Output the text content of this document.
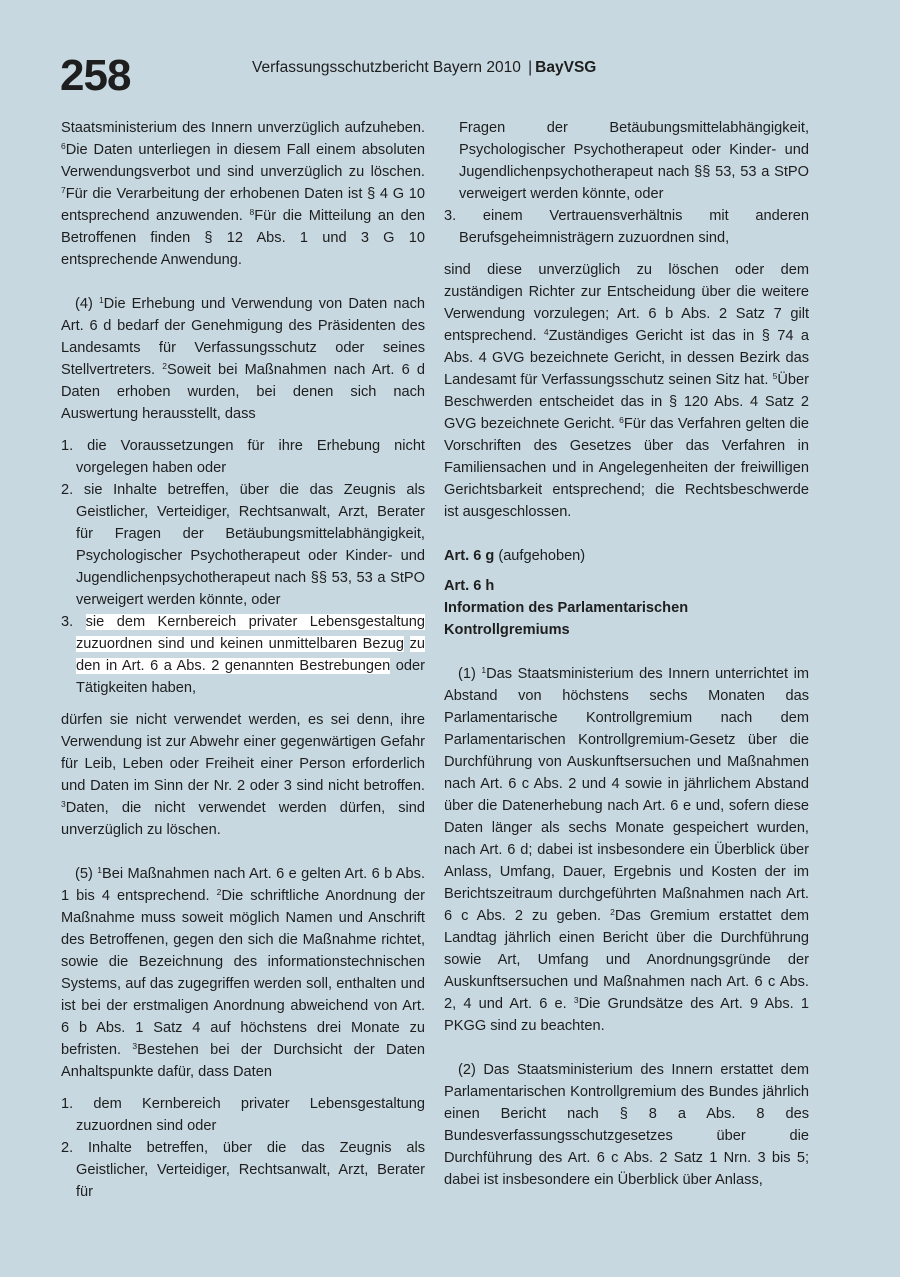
258	Verfassungsschutzbericht Bayern 2010 | BayVSG

Staatsministerium des Innern unverzüglich aufzuheben. $^6$Die Daten unterliegen in diesem Fall einem absoluten Verwendungsverbot und sind unverzüglich zu löschen. $^7$Für die Verarbeitung der erhobenen Daten ist § 4 G 10 entsprechend anzuwenden. $^8$Für die Mitteilung an den Betroffenen finden § 12 Abs. 1 und 3 G 10 entsprechende Anwendung.

(4) $^1$Die Erhebung und Verwendung von Daten nach Art. 6 d bedarf der Genehmigung des Präsidenten des Landesamts für Verfassungsschutz oder seines Stellvertreters. $^2$Soweit bei Maßnahmen nach Art. 6 d Daten erhoben wurden, bei denen sich nach Auswertung herausstellt, dass

1. die Voraussetzungen für ihre Erhebung nicht vorgelegen haben oder
2. sie Inhalte betreffen, über die das Zeugnis als Geistlicher, Verteidiger, Rechtsanwalt, Arzt, Berater für Fragen der Betäubungsmittelabhängigkeit, Psychologischer Psychotherapeut oder Kinder- und Jugendlichenpsychotherapeut nach §§ 53, 53 a StPO verweigert werden könnte, oder
3. sie dem Kernbereich privater Lebensgestaltung zuzuordnen sind und keinen unmittelbaren Bezug zu den in Art. 6 a Abs. 2 genannten Bestrebungen oder Tätigkeiten haben,

dürfen sie nicht verwendet werden, es sei denn, ihre Verwendung ist zur Abwehr einer gegenwärtigen Gefahr für Leib, Leben oder Freiheit einer Person erforderlich und Daten im Sinn der Nr. 2 oder 3 sind nicht betroffen. $^3$Daten, die nicht verwendet werden dürfen, sind unverzüglich zu löschen.

(5) $^1$Bei Maßnahmen nach Art. 6 e gelten Art. 6 b Abs. 1 bis 4 entsprechend. $^2$Die schriftliche Anordnung der Maßnahme muss soweit möglich Namen und Anschrift des Betroffenen, gegen den sich die Maßnahme richtet, sowie die Bezeichnung des informationstechnischen Systems, auf das zugegriffen werden soll, enthalten und ist bei der erstmaligen Anordnung abweichend von Art. 6 b Abs. 1 Satz 4 auf höchstens drei Monate zu befristen. $^3$Bestehen bei der Durchsicht der Daten Anhaltspunkte dafür, dass Daten

1. dem Kernbereich privater Lebensgestaltung zuzuordnen sind oder
2. Inhalte betreffen, über die das Zeugnis als Geistlicher, Verteidiger, Rechtsanwalt, Arzt, Berater für
Fragen der Betäubungsmittelabhängigkeit, Psychologischer Psychotherapeut oder Kinder- und Jugendlichenpsychotherapeut nach §§ 53, 53 a StPO verweigert werden könnte, oder
3. einem Vertrauensverhältnis mit anderen Berufsgeheimnisträgern zuzuordnen sind,

sind diese unverzüglich zu löschen oder dem zuständigen Richter zur Entscheidung über die weitere Verwendung vorzulegen; Art. 6 b Abs. 2 Satz 7 gilt entsprechend. $^4$Zuständiges Gericht ist das in § 74 a Abs. 4 GVG bezeichnete Gericht, in dessen Bezirk das Landesamt für Verfassungsschutz seinen Sitz hat. $^5$Über Beschwerden entscheidet das in § 120 Abs. 4 Satz 2 GVG bezeichnete Gericht. $^6$Für das Verfahren gelten die Vorschriften des Gesetzes über das Verfahren in Familiensachen und in Angelegenheiten der freiwilligen Gerichtsbarkeit entsprechend; die Rechtsbeschwerde ist ausgeschlossen.

Art. 6 g (aufgehoben)
Art. 6 h
Information des Parlamentarischen Kontrollgremiums

(1) $^1$Das Staatsministerium des Innern unterrichtet im Abstand von höchstens sechs Monaten das Parlamentarische Kontrollgremium nach dem Parlamentarischen Kontrollgremium-Gesetz über die Durchführung von Auskunftsersuchen und Maßnahmen nach Art. 6 c Abs. 2 und 4 sowie in jährlichem Abstand über die Datenerhebung nach Art. 6 e und, sofern diese Daten länger als sechs Monate gespeichert wurden, nach Art. 6 d; dabei ist insbesondere ein Überblick über Anlass, Umfang, Dauer, Ergebnis und Kosten der im Berichtszeitraum durchgeführten Maßnahmen nach Art. 6 c Abs. 2 zu geben. $^2$Das Gremium erstattet dem Landtag jährlich einen Bericht über die Durchführung sowie Art, Umfang und Anordnungsgründe der Auskunftsersuchen und Maßnahmen nach Art. 6 c Abs. 2, 4 und Art. 6 e. $^3$Die Grundsätze des Art. 9 Abs. 1 PKGG sind zu beachten.

(2) Das Staatsministerium des Innern erstattet dem Parlamentarischen Kontrollgremium des Bundes jährlich einen Bericht nach § 8 a Abs. 8 des Bundesverfassungsschutzgesetzes über die Durchführung des Art. 6 c Abs. 2 Satz 1 Nrn. 3 bis 5; dabei ist insbesondere ein Überblick über Anlass,
